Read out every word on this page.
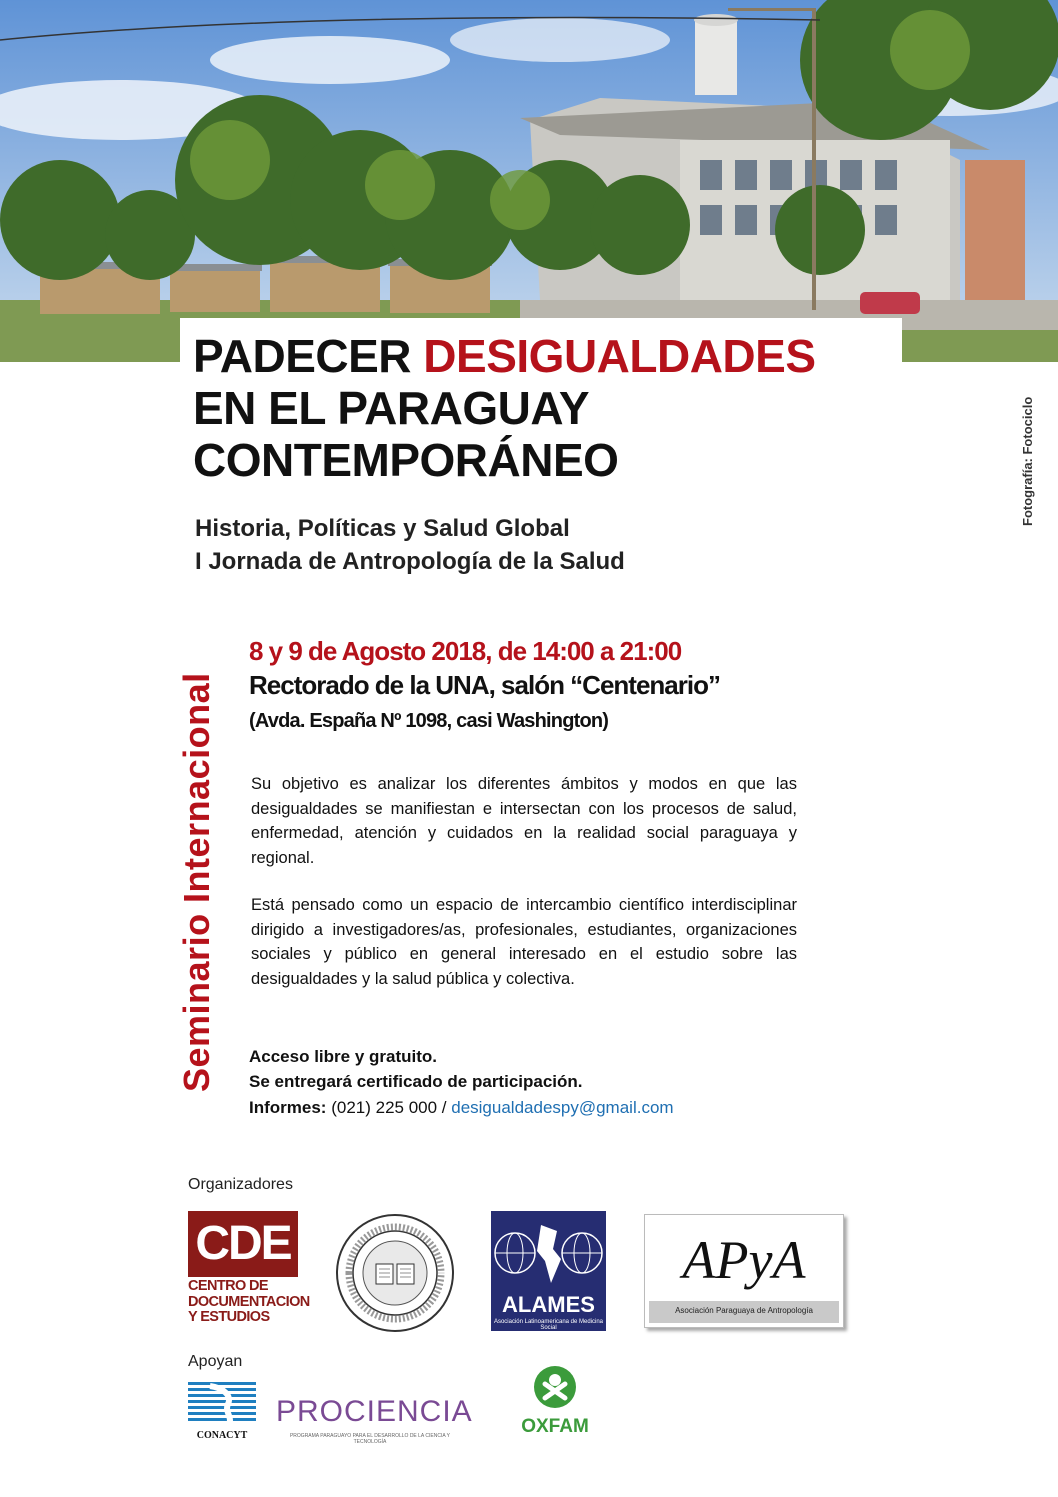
PADECER DESIGUALDADES
EN EL PARAGUAY
CONTEMPORÁNEO
Historia, Políticas y Salud Global
I Jornada de Antropología de la Salud
Fotografía: Fotociclo
Seminario Internacional
8 y 9 de Agosto 2018, de 14:00 a 21:00
Rectorado de la UNA, salón “Centenario”
(Avda. España Nº 1098, casi Washington)

Su objetivo es analizar los diferentes ámbitos y modos en que las desigualdades se manifiestan e intersectan con los procesos de salud, enfermedad, atención y cuidados en la realidad social paraguaya y regional.

Está pensado como un espacio de intercambio científico interdisciplinar dirigido a investigadores/as, profesionales, estudiantes, organizaciones sociales y público en general interesado en el estudio sobre las desigualdades y la salud pública y colectiva.

Acceso libre y gratuito.
Se entregará certificado de participación.
Informes: (021) 225 000 / desigualdadespy@gmail.com
Organizadores
CDE
CENTRO DE
DOCUMENTACION
Y ESTUDIOS	ALAMES
Asociación Latinoamericana de Medicina Social
APyA
Asociación Paraguaya de Antropología
Apoyan
CONACYT
PROCIENCIA
PROGRAMA PARAGUAYO PARA EL DESARROLLO DE LA CIENCIA Y TECNOLOGÍA
OXFAM
